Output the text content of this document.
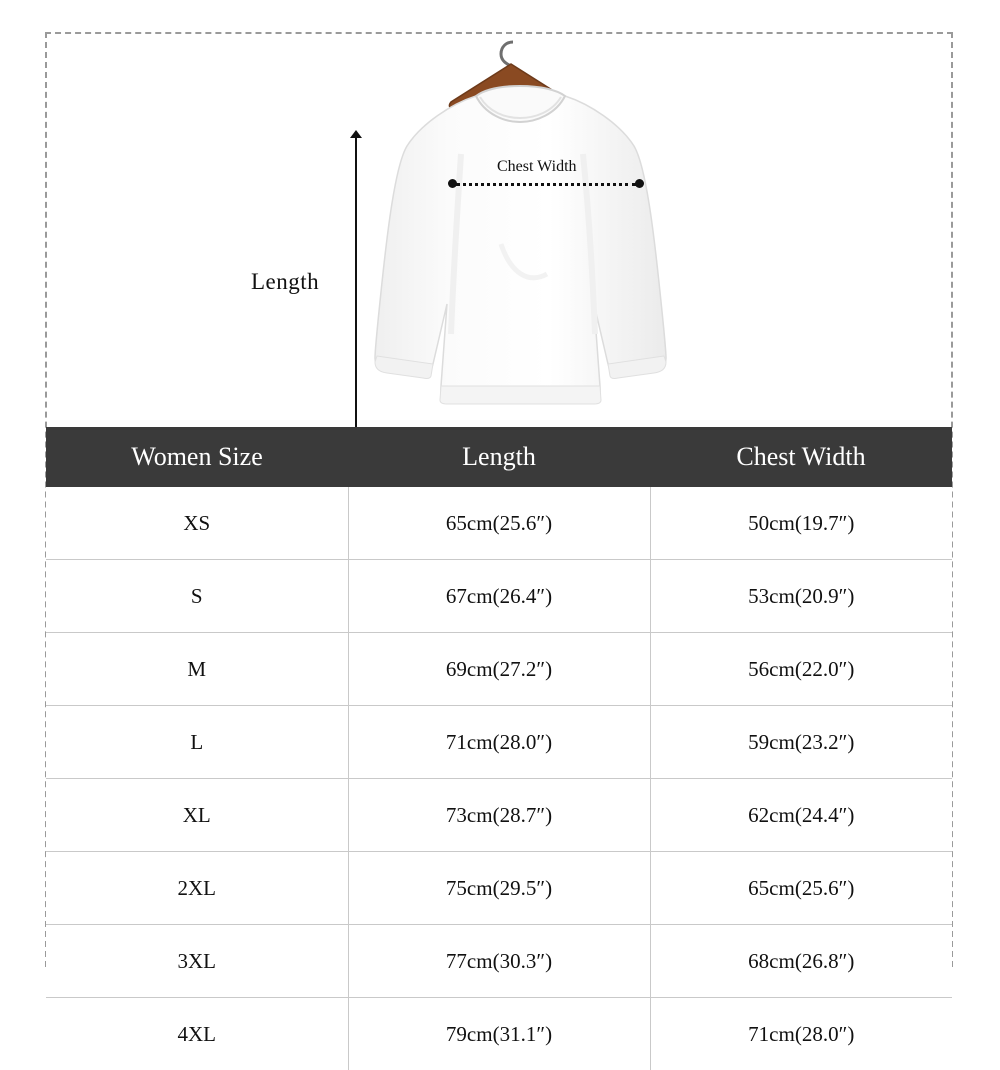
Length
Chest Width
Women Size	Length	Chest Width
XS	65cm(25.6″)	50cm(19.7″)
S	67cm(26.4″)	53cm(20.9″)
M	69cm(27.2″)	56cm(22.0″)
L	71cm(28.0″)	59cm(23.2″)
XL	73cm(28.7″)	62cm(24.4″)
2XL	75cm(29.5″)	65cm(25.6″)
3XL	77cm(30.3″)	68cm(26.8″)
4XL	79cm(31.1″)	71cm(28.0″)
